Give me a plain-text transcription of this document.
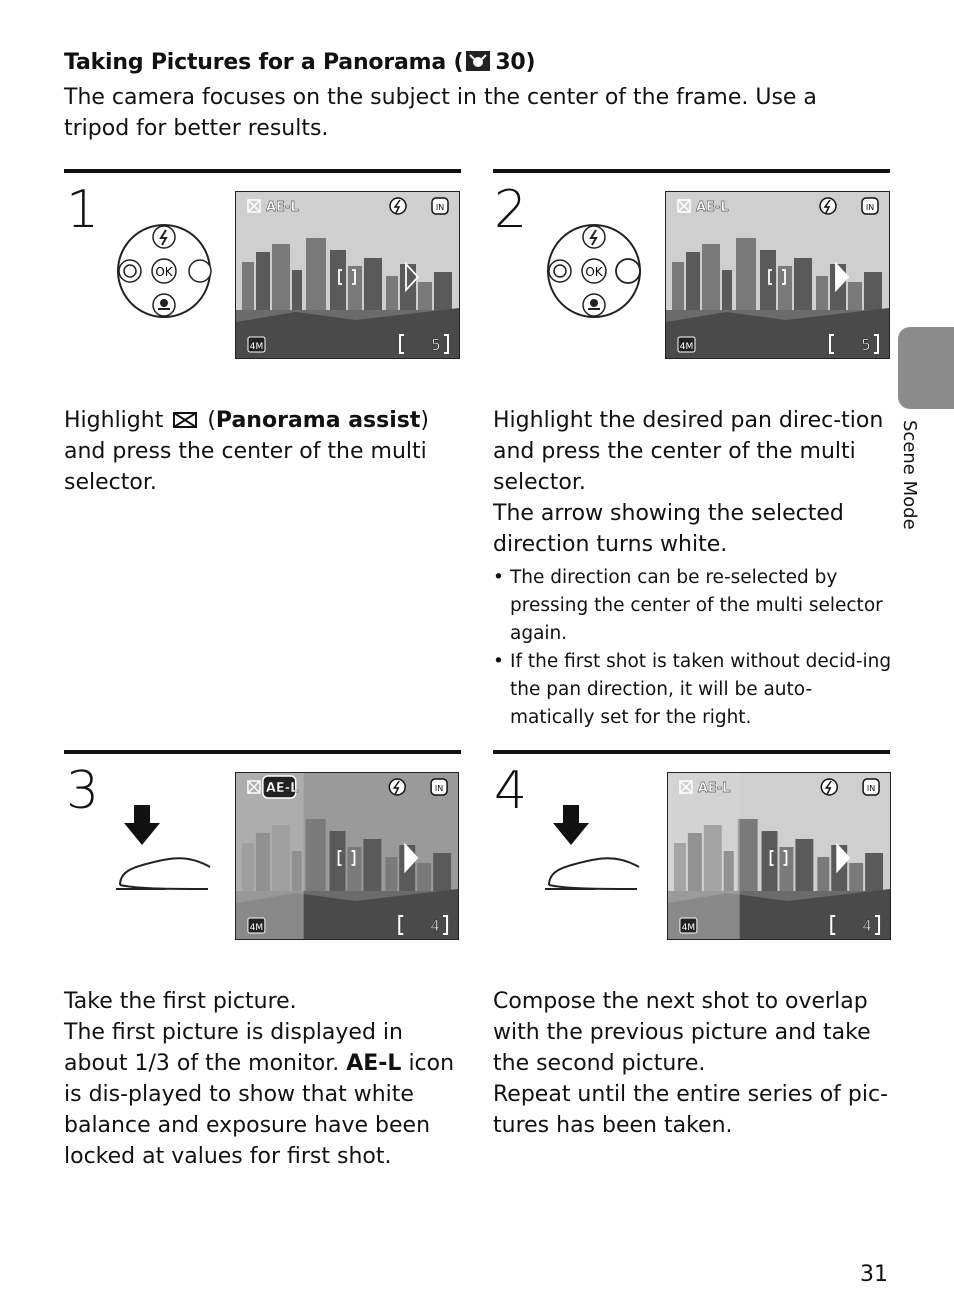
Taking Pictures for a Panorama ( 30)
The camera focuses on the subject in the center of the frame. Use a tripod for better results.
1	2
3	4
OK	OK
AE-L	IN
4M	5
AE-L	IN
4M	5
AE-L	IN
4M	4
AE-L	IN
4M	4
Highlight (Panorama assist) and press the center of the multi selector.
Highlight the desired pan direc-tion and press the center of the multi selector.
The arrow showing the selected direction turns white.
• The direction can be re-selected by pressing the center of the multi selector again.
• If the first shot is taken without decid-ing the pan direction, it will be auto-matically set for the right.
Take the first picture.
The first picture is displayed in about 1/3 of the monitor. AE-L icon is dis-played to show that white balance and exposure have been locked at values for first shot.
Compose the next shot to overlap with the previous picture and take the second picture.
Repeat until the entire series of pic-tures has been taken.
Scene Mode
31
